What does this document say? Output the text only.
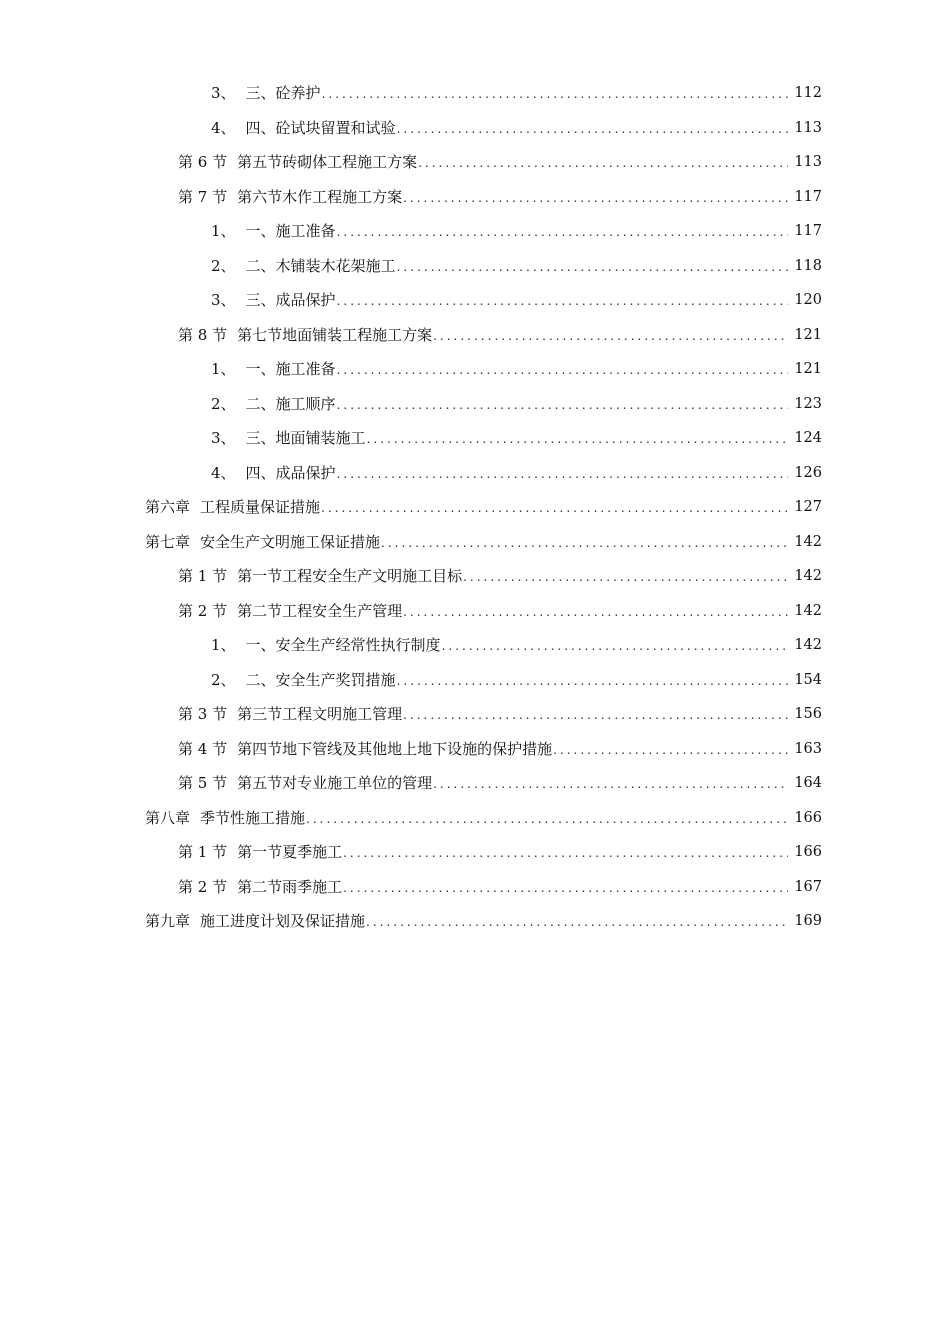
3、 三、砼养护 .....	112
4、 四、砼试块留置和试验 .....	113
第 6 节 第五节砖砌体工程施工方案 .....	113
第 7 节 第六节木作工程施工方案 .....	117
1、 一、施工准备 .....	117
2、 二、木铺装木花架施工 .....	118
3、 三、成品保护 .....	120
第 8 节 第七节地面铺装工程施工方案 .....	121
1、 一、施工准备 .....	121
2、 二、施工顺序 .....	123
3、 三、地面铺装施工 .....	124
4、 四、成品保护 .....	126
第六章 工程质量保证措施 .....	127
第七章 安全生产文明施工保证措施 .....	142
第 1 节 第一节工程安全生产文明施工目标 .....	142
第 2 节 第二节工程安全生产管理 .....	142
1、 一、安全生产经常性执行制度 .....	142
2、 二、安全生产奖罚措施 .....	154
第 3 节 第三节工程文明施工管理 .....	156
第 4 节 第四节地下管线及其他地上地下设施的保护措施 .....	163
第 5 节 第五节对专业施工单位的管理 .....	164
第八章 季节性施工措施 .....	166
第 1 节 第一节夏季施工 .....	166
第 2 节 第二节雨季施工 .....	167
第九章 施工进度计划及保证措施 .....	169
